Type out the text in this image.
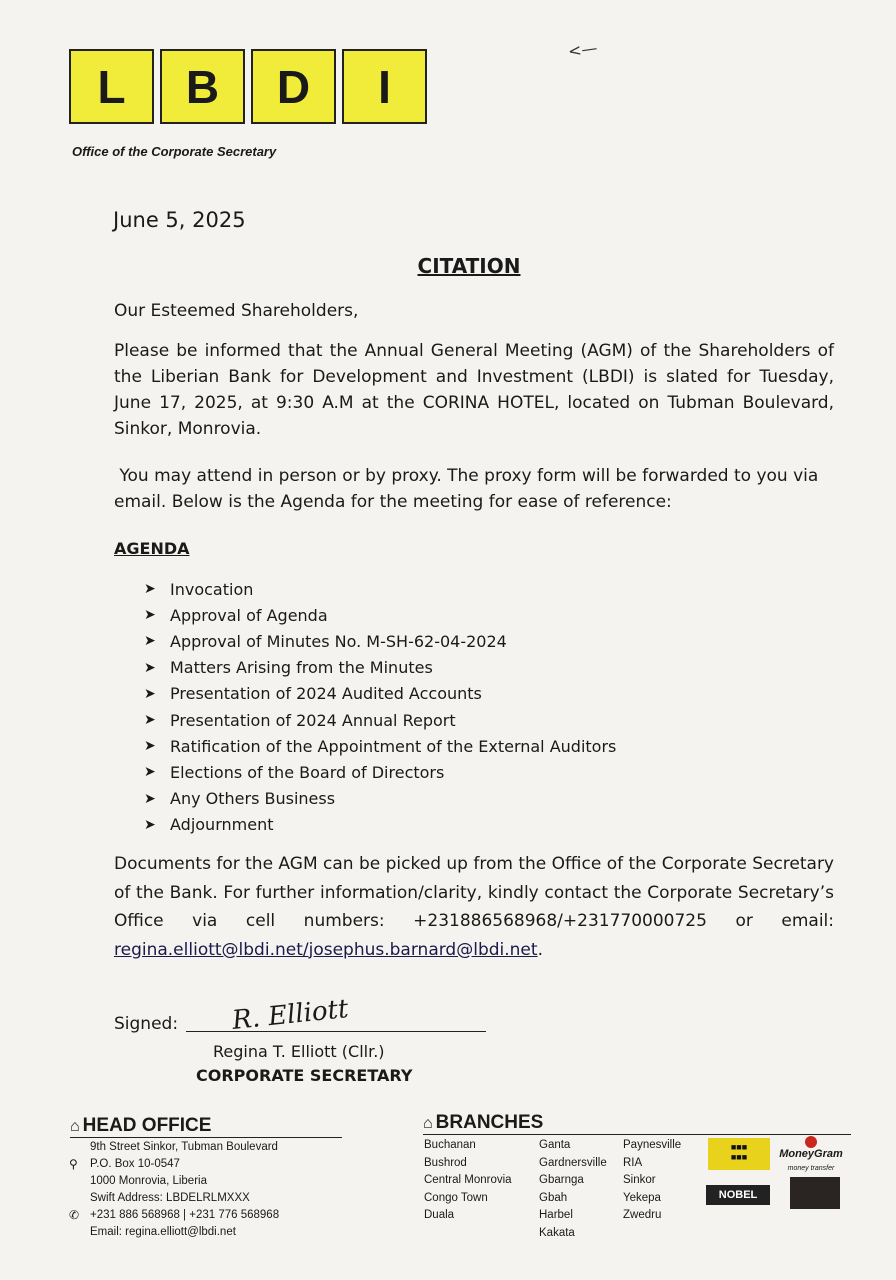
L	B	D	I
Office of the Corporate Secretary
<—
June 5, 2025
CITATION
Our Esteemed Shareholders,
Please be informed that the Annual General Meeting (AGM) of the Shareholders of the Liberian Bank for Development and Investment (LBDI) is slated for Tuesday, June 17, 2025, at 9:30 A.M at the CORINA HOTEL, located on Tubman Boulevard, Sinkor, Monrovia.
You may attend in person or by proxy. The proxy form will be forwarded to you via email. Below is the Agenda for the meeting for ease of reference:
AGENDA
➤ Invocation
➤ Approval of Agenda
➤ Approval of Minutes No. M-SH-62-04-2024
➤ Matters Arising from the Minutes
➤ Presentation of 2024 Audited Accounts
➤ Presentation of 2024 Annual Report
➤ Ratification of the Appointment of the External Auditors
➤ Elections of the Board of Directors
➤ Any Others Business
➤ Adjournment
Documents for the AGM can be picked up from the Office of the Corporate Secretary of the Bank. For further information/clarity, kindly contact the Corporate Secretary’s Office via cell numbers: +231886568968/+231770000725 or email: regina.elliott@lbdi.net/josephus.barnard@lbdi.net.
Signed: R. Elliott
Regina T. Elliott (Cllr.)
CORPORATE SECRETARY
⌂ HEAD OFFICE
9th Street Sinkor, Tubman Boulevard
⚲ P.O. Box 10-0547
1000 Monrovia, Liberia
Swift Address: LBDELRLMXXX
✆ +231 886 568968 | +231 776 568968
Email: regina.elliott@lbdi.net
⌂ BRANCHES
Buchanan
Bushrod
Central Monrovia
Congo Town
Duala
Ganta
Gardnersville
Gbarnga
Gbah
Harbel
Kakata
Paynesville
RIA
Sinkor
Yekepa
Zwedru
■■■
■■■	MoneyGram
money transfer
NOBEL
